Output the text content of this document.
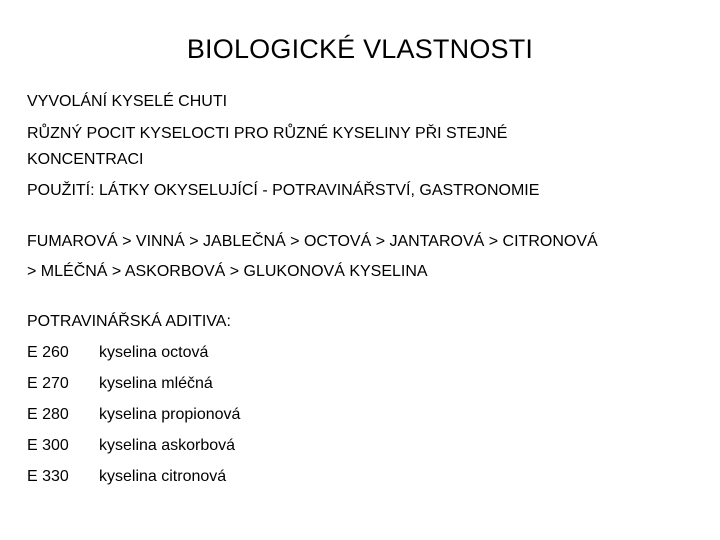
BIOLOGICKÉ VLASTNOSTI
VYVOLÁNÍ KYSELÉ CHUTI
RŮZNÝ POCIT KYSELOCTI PRO RŮZNÉ KYSELINY PŘI STEJNÉ
KONCENTRACI
POUŽITÍ: LÁTKY OKYSELUJÍCÍ - POTRAVINÁŘSTVÍ, GASTRONOMIE
FUMAROVÁ > VINNÁ > JABLEČNÁ > OCTOVÁ > JANTAROVÁ > CITRONOVÁ
> MLÉČNÁ > ASKORBOVÁ > GLUKONOVÁ KYSELINA
POTRAVINÁŘSKÁ ADITIVA:
E 260 kyselina octová
E 270 kyselina mléčná
E 280 kyselina propionová
E 300 kyselina askorbová
E 330 kyselina citronová
